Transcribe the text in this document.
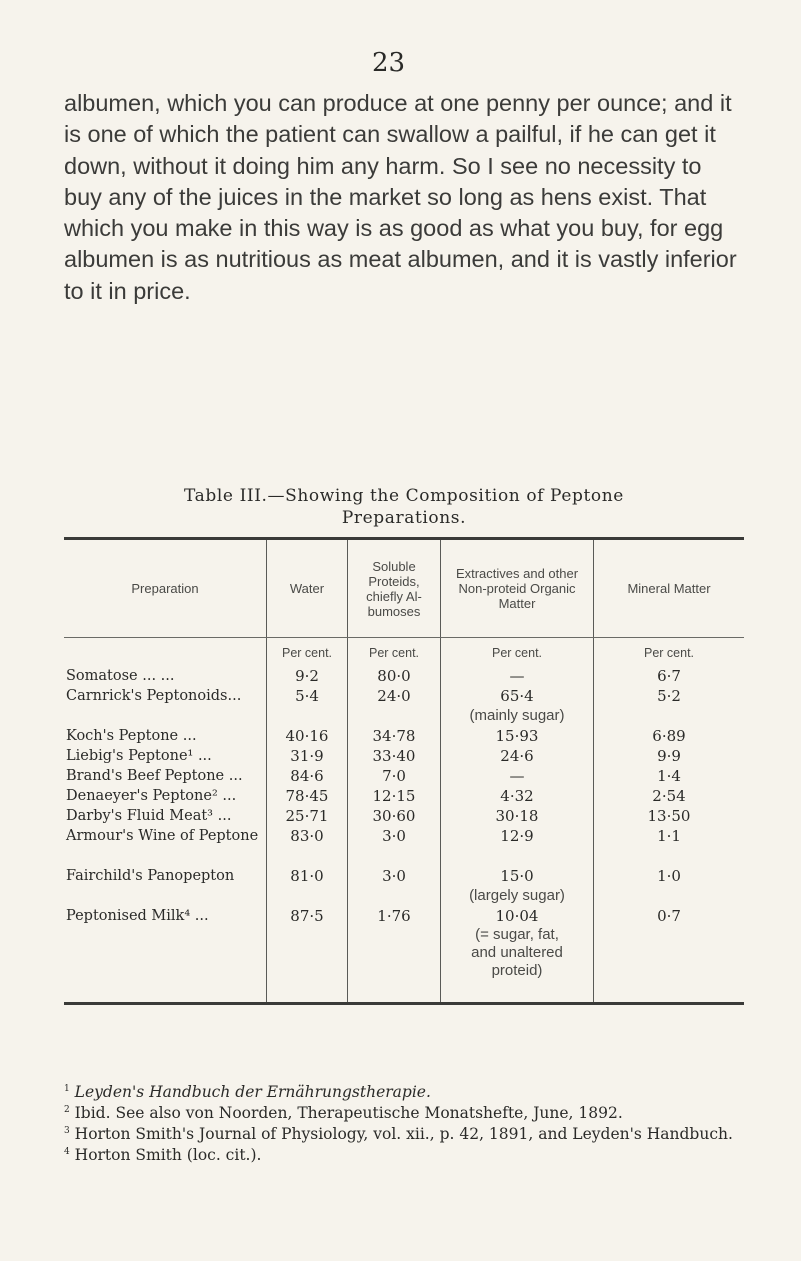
23

albumen, which you can produce at one penny per ounce; and it is one of which the patient can swallow a pailful, if he can get it down, without it doing him any harm. So I see no necessity to buy any of the juices in the market so long as hens exist. That which you make in this way is as good as what you buy, for egg albumen is as nutritious as meat albumen, and it is vastly inferior to it in price.

Table III.—Showing the Composition of Peptone
Preparations.
Preparation	Water
Soluble Proteids, chiefly Al-bumoses
Extractives and other Non-proteid Organic Matter
Mineral Matter
Somatose ... ...
Carnrick's Peptonoids...
Koch's Peptone ...
Liebig's Peptone¹ ...
Brand's Beef Peptone ...
Denaeyer's Peptone² ...
Darby's Fluid Meat³ ...
Armour's Wine of Peptone
Fairchild's Panopepton
Peptonised Milk⁴ ...
Per cent.
9·2
5·4
40·16
31·9
84·6
78·45
25·71
83·0
81·0
87·5
Per cent.
80·0
24·0
34·78
33·40
7·0
12·15
30·60
3·0
3·0
1·76
Per cent.
—
65·4
(mainly sugar)
15·93
24·6
—
4·32
30·18
12·9
15·0
(largely sugar)
10·04
(= sugar, fat, and unaltered proteid)
Per cent.
6·7
5·2
6·89
9·9
1·4
2·54
13·50
1·1
1·0
0·7

$^1$ Leyden's Handbuch der Ernährungstherapie.

$^2$ Ibid. See also von Noorden, Therapeutische Monatshefte, June, 1892.

$^3$ Horton Smith's Journal of Physiology, vol. xii., p. 42, 1891, and Leyden's Handbuch.

$^4$ Horton Smith (loc. cit.).
